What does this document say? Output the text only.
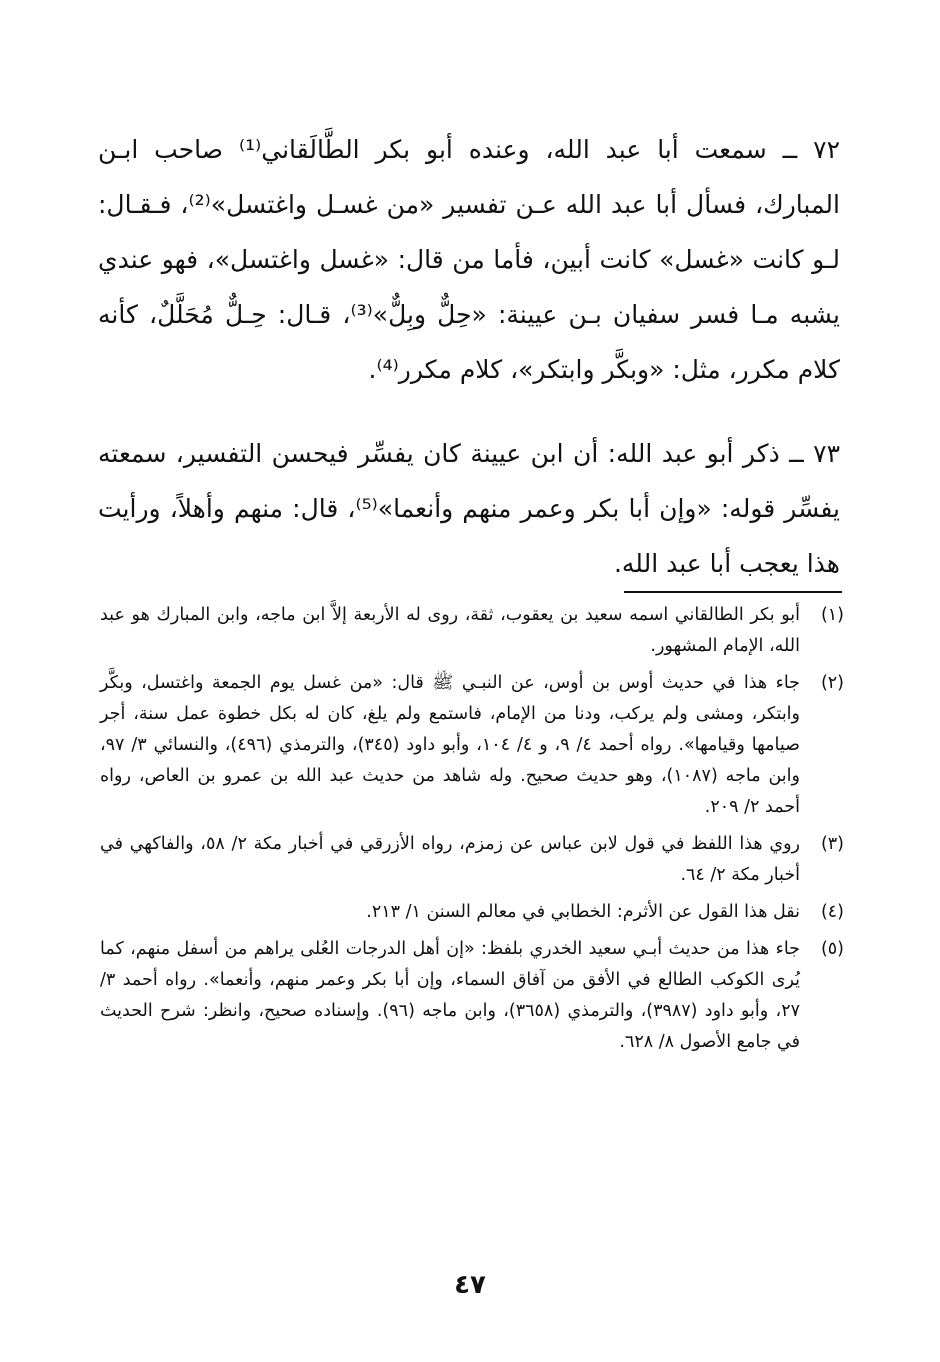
٧٢ ــ سمعت أبا عبد الله، وعنده أبو بكر الطَّالَقاني⁽¹⁾ صاحب ابـن المبارك، فسأل أبا عبد الله عـن تفسير «من غسـل واغتسل»⁽²⁾، فـقـال: لـو كانت «غسل» كانت أبين، فأما من قال: «غسل واغتسل»، فهو عندي يشبه مـا فسر سفيان بـن عيينة: «حِلٌّ وبِلٌّ»⁽³⁾، قـال: حِـلٌّ مُحَلَّلٌ، كأنه كلام مكرر، مثل: «وبكَّر وابتكر»، كلام مكرر⁽⁴⁾.

٧٣ ــ ذكر أبو عبد الله: أن ابن عيينة كان يفسِّر فيحسن التفسير، سمعته يفسِّر قوله: «وإن أبا بكر وعمر منهم وأنعما»⁽⁵⁾، قال: منهم وأهلاً، ورأيت هذا يعجب أبا عبد الله.

(١)
أبو بكر الطالقاني اسمه سعيد بن يعقوب، ثقة، روى له الأربعة إلاَّ ابن ماجه، وابن المبارك هو عبد الله، الإمام المشهور.
(٢)
جاء هذا في حديث أوس بن أوس، عن النبـي ﷺ قال: «من غسل يوم الجمعة واغتسل، وبكَّر وابتكر، ومشى ولم يركب، ودنا من الإمام، فاستمع ولم يلغ، كان له بكل خطوة عمل سنة، أجر صيامها وقيامها». رواه أحمد ٤/ ٩، و ٤/ ١٠٤، وأبو داود (٣٤٥)، والترمذي (٤٩٦)، والنسائي ٣/ ٩٧، وابن ماجه (١٠٨٧)، وهو حديث صحيح. وله شاهد من حديث عبد الله بن عمرو بن العاص، رواه أحمد ٢/ ٢٠٩.
(٣)
روي هذا اللفظ في قول لابن عباس عن زمزم، رواه الأزرقي في أخبار مكة ٢/ ٥٨، والفاكهي في أخبار مكة ٢/ ٦٤.
(٤)
نقل هذا القول عن الأثرم: الخطابي في معالم السنن ١/ ٢١٣.
(٥)
جاء هذا من حديث أبـي سعيد الخدري بلفظ: «إن أهل الدرجات العُلى يراهم من أسفل منهم، كما يُرى الكوكب الطالع في الأفق من آفاق السماء، وإن أبا بكر وعمر منهم، وأنعما». رواه أحمد ٣/ ٢٧، وأبو داود (٣٩٨٧)، والترمذي (٣٦٥٨)، وابن ماجه (٩٦). وإسناده صحيح، وانظر: شرح الحديث في جامع الأصول ٨/ ٦٢٨.
٤٧
